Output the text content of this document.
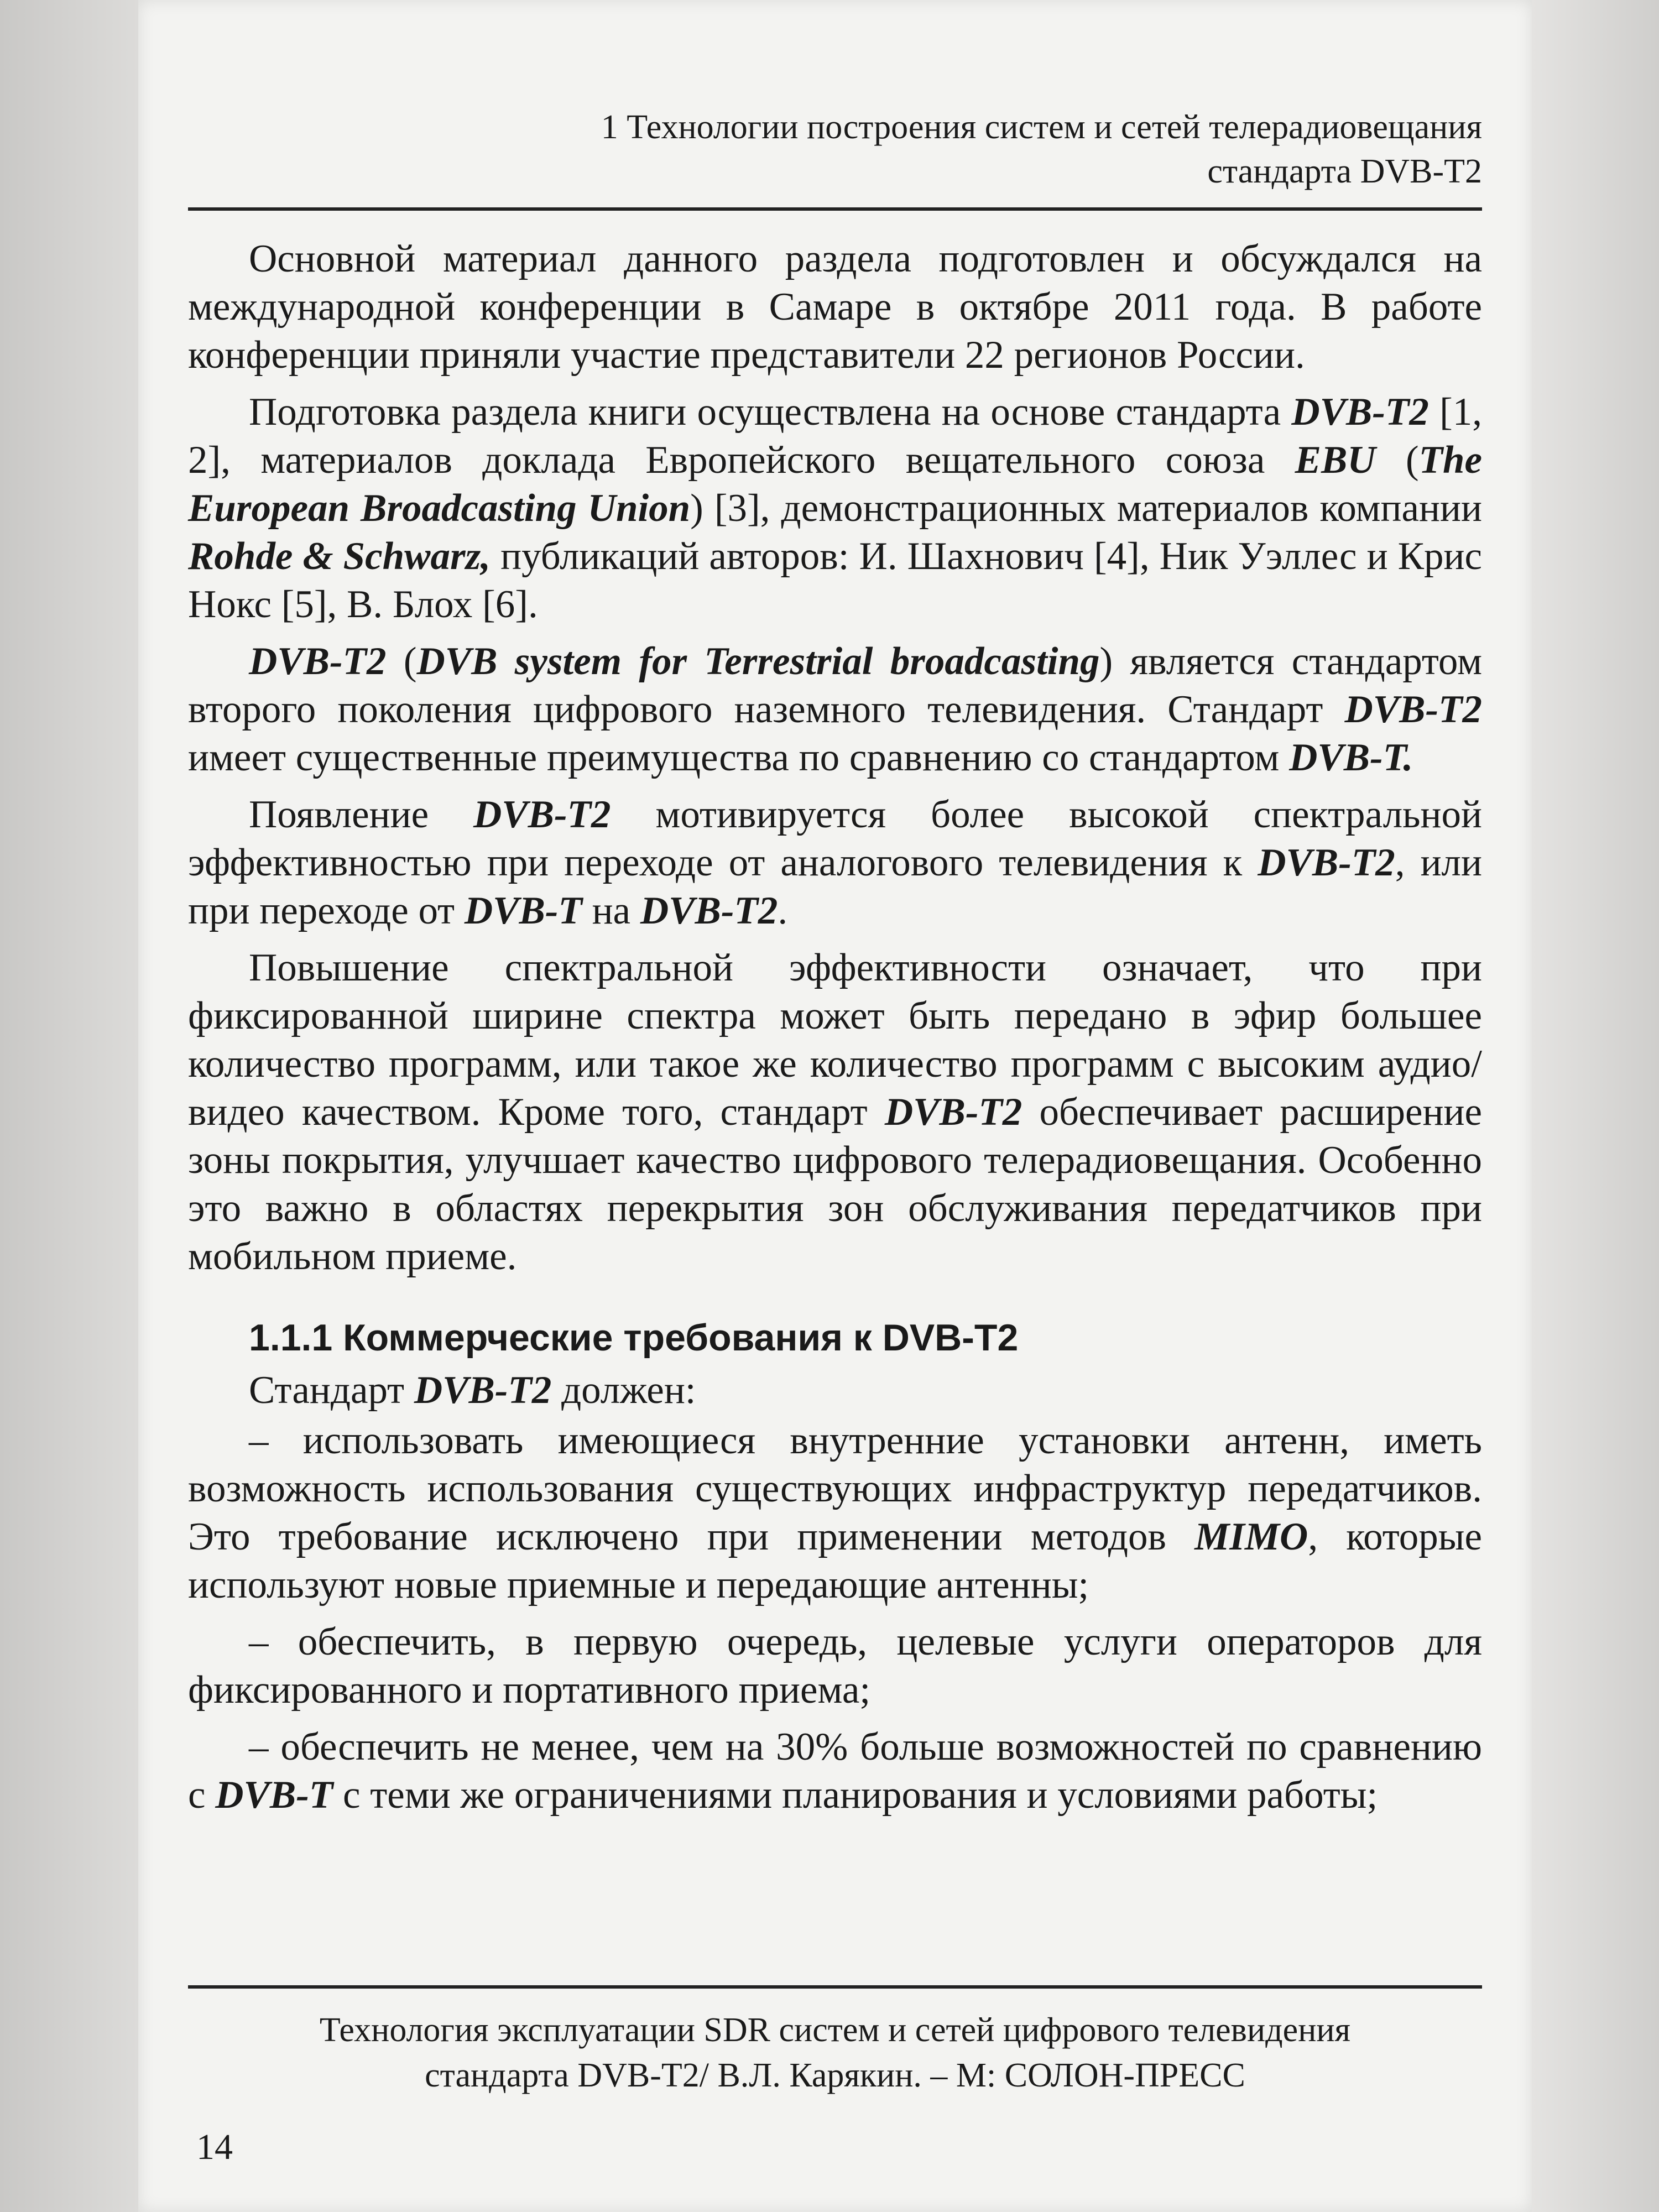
1 Технологии построения систем и сетей телерадиовещания
стандарта DVB-T2

Основной материал данного раздела подготовлен и обсуждался на международной конференции в Самаре в октябре 2011 года. В работе конференции приняли участие представители 22 регионов России.

Подготовка раздела книги осуществлена на основе стандарта DVB-T2 [1, 2], материалов доклада Европейского вещательного союза EBU (The European Broadcasting Union) [3], демонстрационных материалов компании Rohde & Schwarz, публикаций авторов: И. Шахнович [4], Ник Уэллес и Крис Нокс [5], В. Блох [6].

DVB-T2 (DVB system for Terrestrial broadcasting) является стандартом второго поколения цифрового наземного телевидения. Стандарт DVB-T2 имеет существенные преимущества по сравнению со стандартом DVB-T.

Появление DVB-T2 мотивируется более высокой спектральной эффективностью при переходе от аналогового телевидения к DVB-T2, или при переходе от DVB-T на DVB-T2.

Повышение спектральной эффективности означает, что при фиксированной ширине спектра может быть передано в эфир большее количество программ, или такое же количество программ с высоким аудио/видео качеством. Кроме того, стандарт DVB-T2 обеспечивает расширение зоны покрытия, улучшает качество цифрового телерадиовещания. Особенно это важно в областях перекрытия зон обслуживания передатчиков при мобильном приеме.

1.1.1 Коммерческие требования к DVB-T2

Стандарт DVB-T2 должен:

– использовать имеющиеся внутренние установки антенн, иметь возможность использования существующих инфраструктур передатчиков. Это требование исключено при применении методов MIMO, которые используют новые приемные и передающие антенны;

– обеспечить, в первую очередь, целевые услуги операторов для фиксированного и портативного приема;

– обеспечить не менее, чем на 30% больше возможностей по сравнению с DVB-T с теми же ограничениями планирования и условиями работы;

Технология эксплуатации SDR систем и сетей цифрового телевидения
стандарта DVB-T2/ В.Л. Карякин. – М: СОЛОН-ПРЕСС
14
